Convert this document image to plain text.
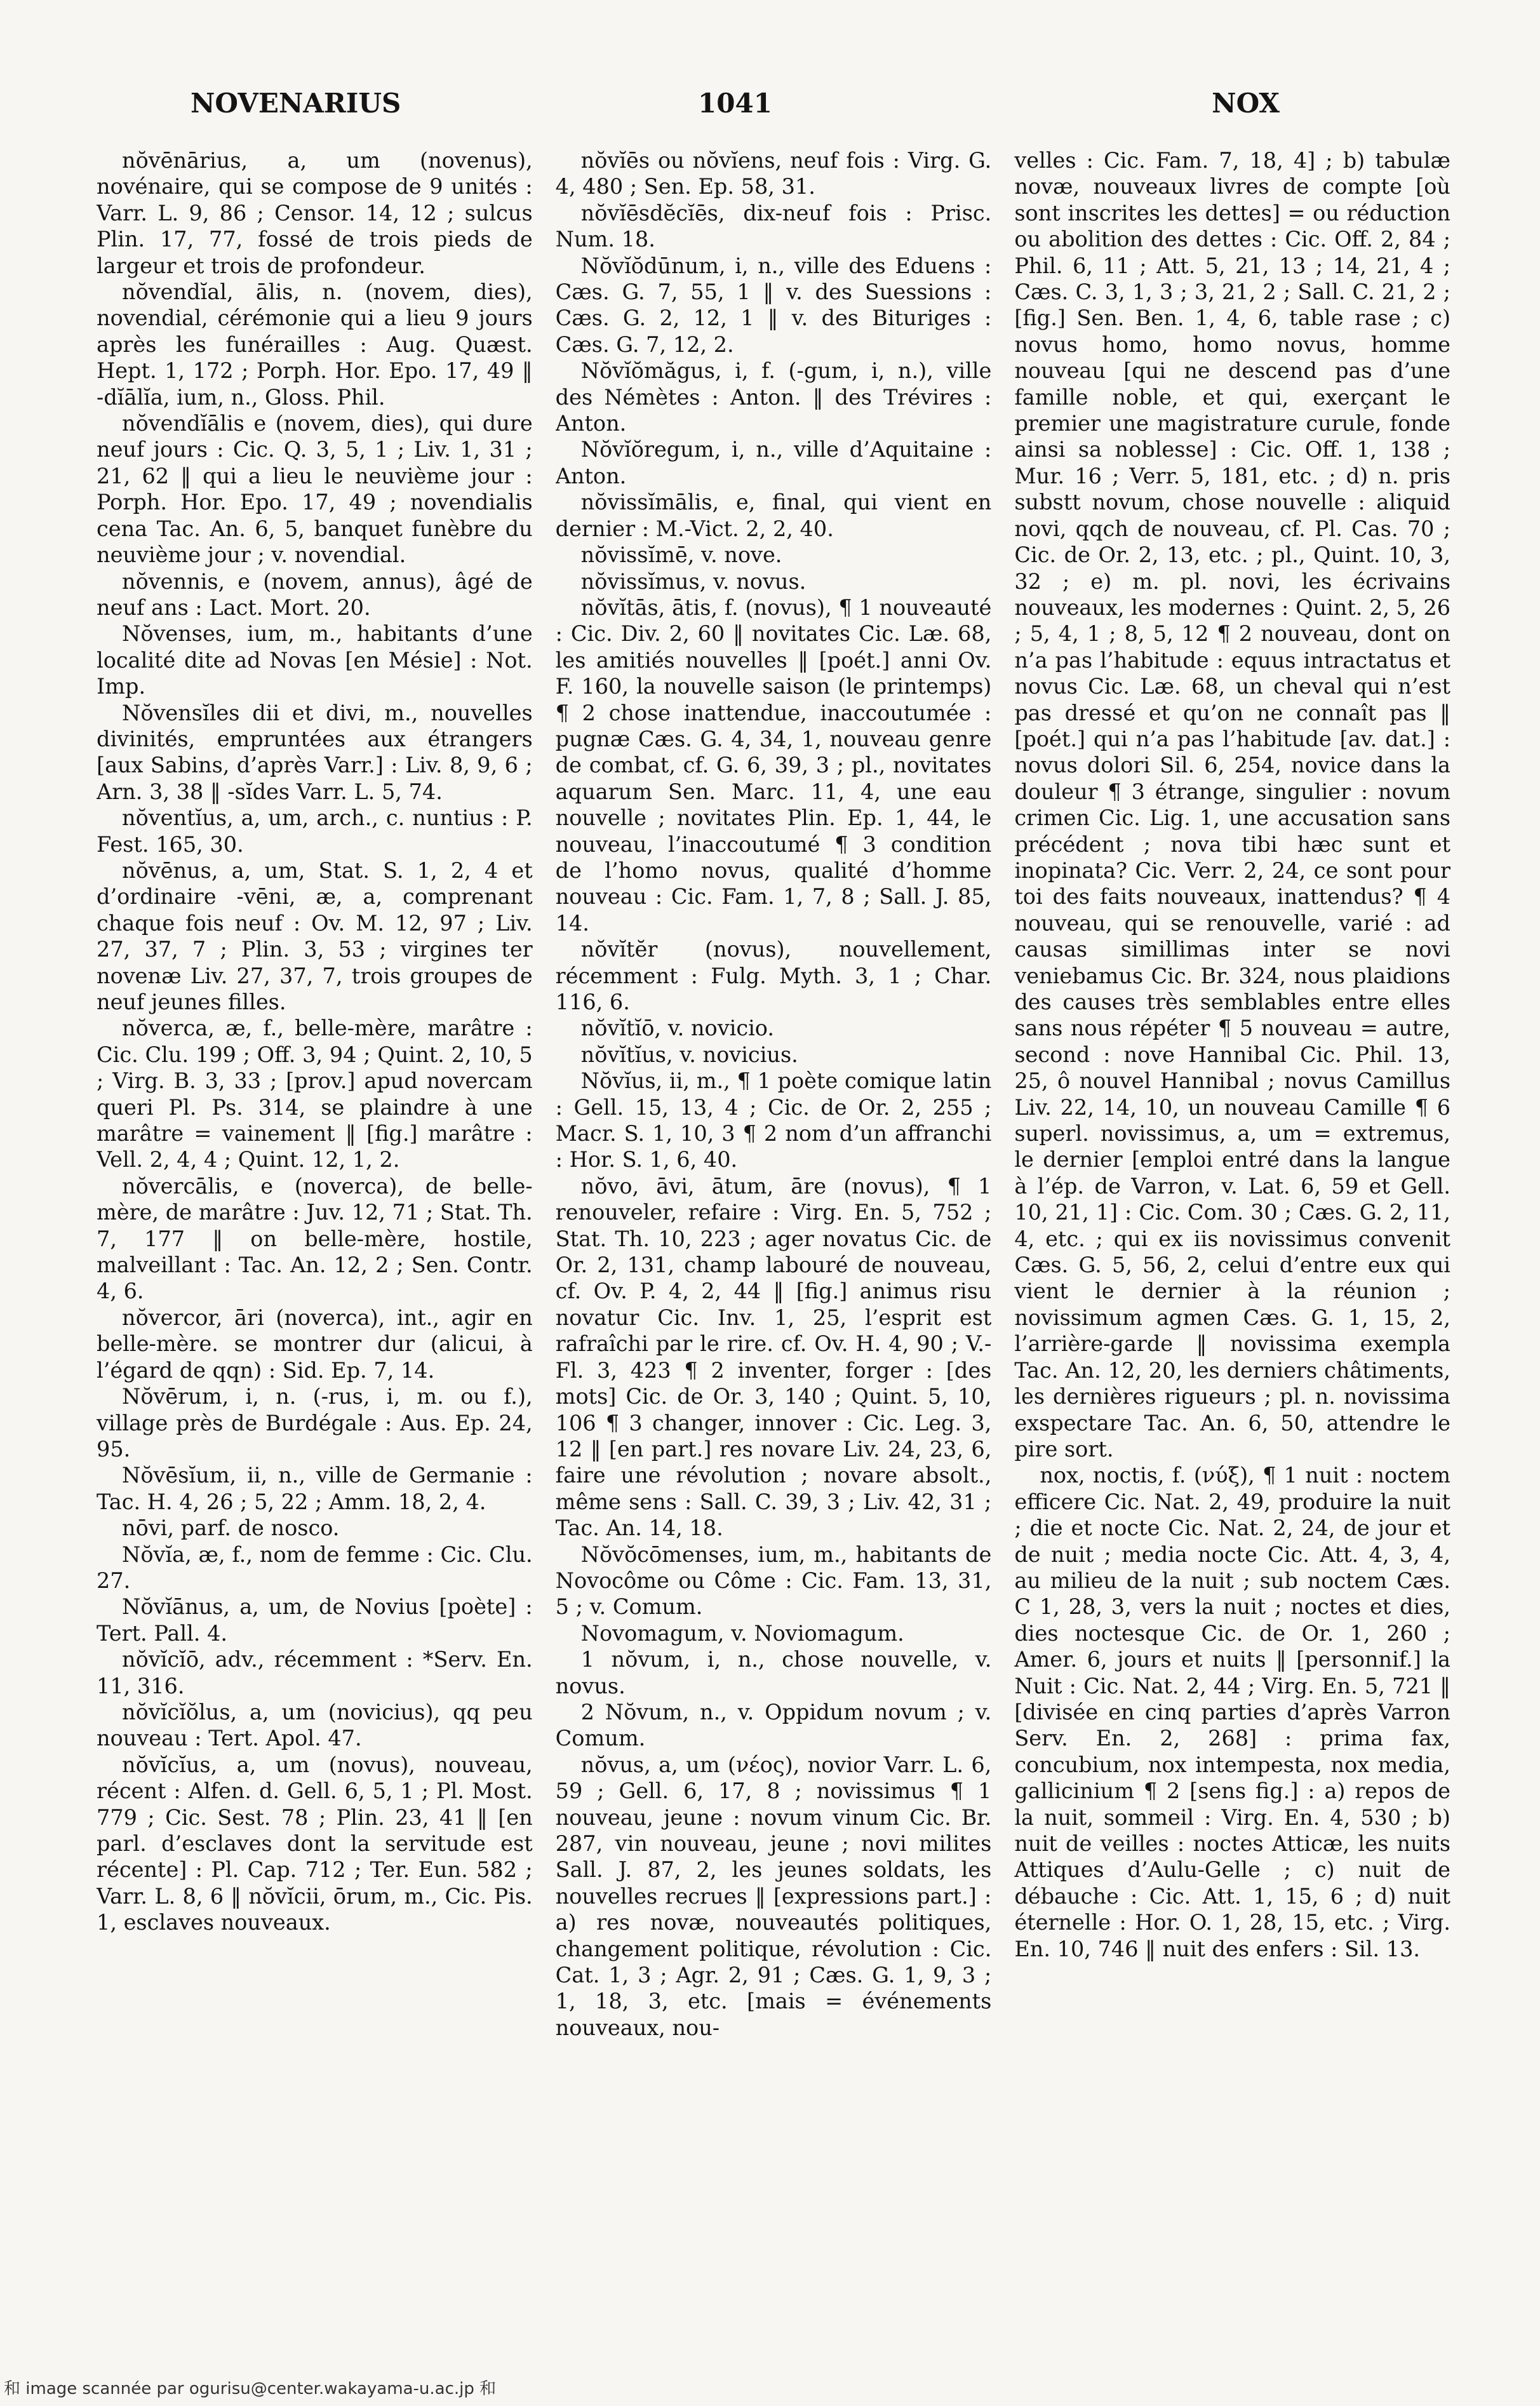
NOVENARIUS	1041	NOX

nŏvēnārius, a, um (novenus), novénaire, qui se compose de 9 unités : Varr. L. 9, 86 ; Censor. 14, 12 ; sulcus Plin. 17, 77, fossé de trois pieds de largeur et trois de profondeur.

nŏvendĭal, ālis, n. (novem, dies), novendial, cérémonie qui a lieu 9 jours après les funérailles : Aug. Quæst. Hept. 1, 172 ; Porph. Hor. Epo. 17, 49 ‖ -dĭālĭa, ium, n., Gloss. Phil.

nŏvendĭālis e (novem, dies), qui dure neuf jours : Cic. Q. 3, 5, 1 ; Liv. 1, 31 ; 21, 62 ‖ qui a lieu le neuvième jour : Porph. Hor. Epo. 17, 49 ; novendialis cena Tac. An. 6, 5, banquet funèbre du neuvième jour ; v. novendial.

nŏvennis, e (novem, annus), âgé de neuf ans : Lact. Mort. 20.

Nŏvenses, ium, m., habitants d’une localité dite ad Novas [en Mésie] : Not. Imp.

Nŏvensĭles dii et divi, m., nouvelles divinités, empruntées aux étrangers [aux Sabins, d’après Varr.] : Liv. 8, 9, 6 ; Arn. 3, 38 ‖ -sĭdes Varr. L. 5, 74.

nŏventĭus, a, um, arch., c. nuntius : P. Fest. 165, 30.

nŏvēnus, a, um, Stat. S. 1, 2, 4 et d’ordinaire -vēni, æ, a, comprenant chaque fois neuf : Ov. M. 12, 97 ; Liv. 27, 37, 7 ; Plin. 3, 53 ; virgines ter novenæ Liv. 27, 37, 7, trois groupes de neuf jeunes filles.

nŏverca, æ, f., belle-mère, marâtre : Cic. Clu. 199 ; Off. 3, 94 ; Quint. 2, 10, 5 ; Virg. B. 3, 33 ; [prov.] apud novercam queri Pl. Ps. 314, se plaindre à une marâtre = vainement ‖ [fig.] marâtre : Vell. 2, 4, 4 ; Quint. 12, 1, 2.

nŏvercālis, e (noverca), de belle-mère, de marâtre : Juv. 12, 71 ; Stat. Th. 7, 177 ‖ on belle-mère, hostile, malveillant : Tac. An. 12, 2 ; Sen. Contr. 4, 6.

nŏvercor, āri (noverca), int., agir en belle-mère. se montrer dur (alicui, à l’égard de qqn) : Sid. Ep. 7, 14.

Nŏvērum, i, n. (-rus, i, m. ou f.), village près de Burdégale : Aus. Ep. 24, 95.

Nŏvēsĭum, ii, n., ville de Germanie : Tac. H. 4, 26 ; 5, 22 ; Amm. 18, 2, 4.

nōvi, parf. de nosco.

Nŏvĭa, æ, f., nom de femme : Cic. Clu. 27.

Nŏvĭānus, a, um, de Novius [poète] : Tert. Pall. 4.

nŏvĭcĭō, adv., récemment : *Serv. En. 11, 316.

nŏvĭcĭŏlus, a, um (novicius), qq peu nouveau : Tert. Apol. 47.

nŏvĭcĭus, a, um (novus), nouveau, récent : Alfen. d. Gell. 6, 5, 1 ; Pl. Most. 779 ; Cic. Sest. 78 ; Plin. 23, 41 ‖ [en parl. d’esclaves dont la servitude est récente] : Pl. Cap. 712 ; Ter. Eun. 582 ; Varr. L. 8, 6 ‖ nŏvĭcii, ōrum, m., Cic. Pis. 1, esclaves nouveaux.

nŏvĭēs ou nŏvĭens, neuf fois : Virg. G. 4, 480 ; Sen. Ep. 58, 31.

nŏvĭēsdĕcĭēs, dix-neuf fois : Prisc. Num. 18.

Nŏvĭŏdūnum, i, n., ville des Eduens : Cæs. G. 7, 55, 1 ‖ v. des Suessions : Cæs. G. 2, 12, 1 ‖ v. des Bituriges : Cæs. G. 7, 12, 2.

Nŏvĭŏmăgus, i, f. (-gum, i, n.), ville des Némètes : Anton. ‖ des Trévires : Anton.

Nŏvĭŏregum, i, n., ville d’Aquitaine : Anton.

nŏvissĭmālis, e, final, qui vient en dernier : M.-Vict. 2, 2, 40.

nŏvissĭmē, v. nove.

nŏvissĭmus, v. novus.

nŏvĭtās, ātis, f. (novus), ¶ 1 nouveauté : Cic. Div. 2, 60 ‖ novitates Cic. Læ. 68, les amitiés nouvelles ‖ [poét.] anni Ov. F. 160, la nouvelle saison (le printemps) ¶ 2 chose inattendue, inaccoutumée : pugnæ Cæs. G. 4, 34, 1, nouveau genre de combat, cf. G. 6, 39, 3 ; pl., novitates aquarum Sen. Marc. 11, 4, une eau nouvelle ; novitates Plin. Ep. 1, 44, le nouveau, l’inaccoutumé ¶ 3 condition de l’homo novus, qualité d’homme nouveau : Cic. Fam. 1, 7, 8 ; Sall. J. 85, 14.

nŏvĭtĕr (novus), nouvellement, récemment : Fulg. Myth. 3, 1 ; Char. 116, 6.

nŏvĭtĭō, v. novicio.

nŏvĭtĭus, v. novicius.

Nŏvĭus, ii, m., ¶ 1 poète comique latin : Gell. 15, 13, 4 ; Cic. de Or. 2, 255 ; Macr. S. 1, 10, 3 ¶ 2 nom d’un affranchi : Hor. S. 1, 6, 40.

nŏvo, āvi, ātum, āre (novus), ¶ 1 renouveler, refaire : Virg. En. 5, 752 ; Stat. Th. 10, 223 ; ager novatus Cic. de Or. 2, 131, champ labouré de nouveau, cf. Ov. P. 4, 2, 44 ‖ [fig.] animus risu novatur Cic. Inv. 1, 25, l’esprit est rafraîchi par le rire. cf. Ov. H. 4, 90 ; V.-Fl. 3, 423 ¶ 2 inventer, forger : [des mots] Cic. de Or. 3, 140 ; Quint. 5, 10, 106 ¶ 3 changer, innover : Cic. Leg. 3, 12 ‖ [en part.] res novare Liv. 24, 23, 6, faire une révolution ; novare absolt., même sens : Sall. C. 39, 3 ; Liv. 42, 31 ; Tac. An. 14, 18.

Nŏvŏcōmenses, ium, m., habitants de Novocôme ou Côme : Cic. Fam. 13, 31, 5 ; v. Comum.

Novomagum, v. Noviomagum.

1 nŏvum, i, n., chose nouvelle, v. novus.

2 Nŏvum, n., v. Oppidum novum ; v. Comum.

nŏvus, a, um (νέος), novior Varr. L. 6, 59 ; Gell. 6, 17, 8 ; novissimus ¶ 1 nouveau, jeune : novum vinum Cic. Br. 287, vin nouveau, jeune ; novi milites Sall. J. 87, 2, les jeunes soldats, les nouvelles recrues ‖ [expressions part.] : a) res novæ, nouveautés politiques, changement politique, révolution : Cic. Cat. 1, 3 ; Agr. 2, 91 ; Cæs. G. 1, 9, 3 ; 1, 18, 3, etc. [mais = événements nouveaux, nou-

velles : Cic. Fam. 7, 18, 4] ; b) tabulæ novæ, nouveaux livres de compte [où sont inscrites les dettes] = ou réduction ou abolition des dettes : Cic. Off. 2, 84 ; Phil. 6, 11 ; Att. 5, 21, 13 ; 14, 21, 4 ; Cæs. C. 3, 1, 3 ; 3, 21, 2 ; Sall. C. 21, 2 ; [fig.] Sen. Ben. 1, 4, 6, table rase ; c) novus homo, homo novus, homme nouveau [qui ne descend pas d’une famille noble, et qui, exerçant le premier une magistrature curule, fonde ainsi sa noblesse] : Cic. Off. 1, 138 ; Mur. 16 ; Verr. 5, 181, etc. ; d) n. pris substt novum, chose nouvelle : aliquid novi, qqch de nouveau, cf. Pl. Cas. 70 ; Cic. de Or. 2, 13, etc. ; pl., Quint. 10, 3, 32 ; e) m. pl. novi, les écrivains nouveaux, les modernes : Quint. 2, 5, 26 ; 5, 4, 1 ; 8, 5, 12 ¶ 2 nouveau, dont on n’a pas l’habitude : equus intractatus et novus Cic. Læ. 68, un cheval qui n’est pas dressé et qu’on ne connaît pas ‖ [poét.] qui n’a pas l’habitude [av. dat.] : novus dolori Sil. 6, 254, novice dans la douleur ¶ 3 étrange, singulier : novum crimen Cic. Lig. 1, une accusation sans précédent ; nova tibi hæc sunt et inopinata? Cic. Verr. 2, 24, ce sont pour toi des faits nouveaux, inattendus? ¶ 4 nouveau, qui se renouvelle, varié : ad causas simillimas inter se novi veniebamus Cic. Br. 324, nous plaidions des causes très semblables entre elles sans nous répéter ¶ 5 nouveau = autre, second : nove Hannibal Cic. Phil. 13, 25, ô nouvel Hannibal ; novus Camillus Liv. 22, 14, 10, un nouveau Camille ¶ 6 superl. novissimus, a, um = extremus, le dernier [emploi entré dans la langue à l’ép. de Varron, v. Lat. 6, 59 et Gell. 10, 21, 1] : Cic. Com. 30 ; Cæs. G. 2, 11, 4, etc. ; qui ex iis novissimus convenit Cæs. G. 5, 56, 2, celui d’entre eux qui vient le dernier à la réunion ; novissimum agmen Cæs. G. 1, 15, 2, l’arrière-garde ‖ novissima exempla Tac. An. 12, 20, les derniers châtiments, les dernières rigueurs ; pl. n. novissima exspectare Tac. An. 6, 50, attendre le pire sort.

nox, noctis, f. (νύξ), ¶ 1 nuit : noctem efficere Cic. Nat. 2, 49, produire la nuit ; die et nocte Cic. Nat. 2, 24, de jour et de nuit ; media nocte Cic. Att. 4, 3, 4, au milieu de la nuit ; sub noctem Cæs. C 1, 28, 3, vers la nuit ; noctes et dies, dies noctesque Cic. de Or. 1, 260 ; Amer. 6, jours et nuits ‖ [personnif.] la Nuit : Cic. Nat. 2, 44 ; Virg. En. 5, 721 ‖ [divisée en cinq parties d’après Varron Serv. En. 2, 268] : prima fax, concubium, nox intempesta, nox media, gallicinium ¶ 2 [sens fig.] : a) repos de la nuit, sommeil : Virg. En. 4, 530 ; b) nuit de veilles : noctes Atticæ, les nuits Attiques d’Aulu-Gelle ; c) nuit de débauche : Cic. Att. 1, 15, 6 ; d) nuit éternelle : Hor. O. 1, 28, 15, etc. ; Virg. En. 10, 746 ‖ nuit des enfers : Sil. 13.

和 image scannée par ogurisu@center.wakayama-u.ac.jp 和
